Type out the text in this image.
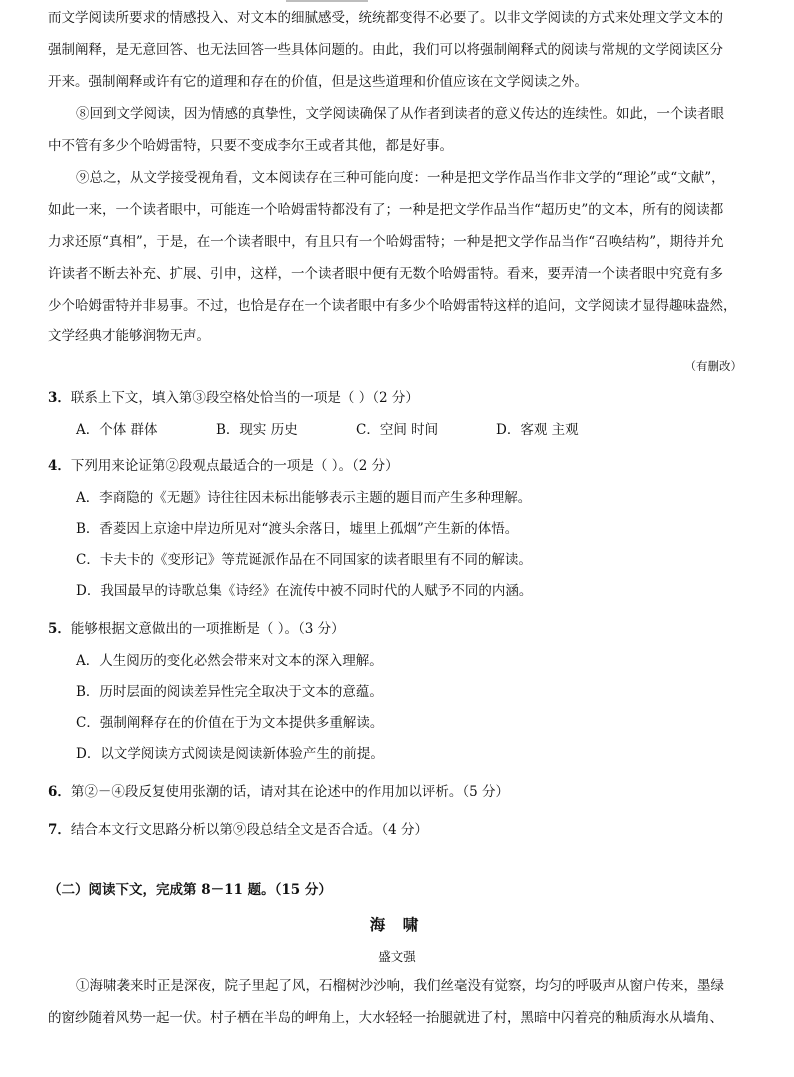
而文学阅读所要求的情感投入、对文本的细腻感受，统统都变得不必要了。以非文学阅读的方式来处理文学文本的
强制阐释，是无意回答、也无法回答一些具体问题的。由此，我们可以将强制阐释式的阅读与常规的文学阅读区分
开来。强制阐释或许有它的道理和存在的价值，但是这些道理和价值应该在文学阅读之外。
⑧回到文学阅读，因为情感的真挚性，文学阅读确保了从作者到读者的意义传达的连续性。如此，一个读者眼
中不管有多少个哈姆雷特，只要不变成李尔王或者其他，都是好事。
⑨总之，从文学接受视角看，文本阅读存在三种可能向度：一种是把文学作品当作非文学的“理论”或“文献”，
如此一来，一个读者眼中，可能连一个哈姆雷特都没有了；一种是把文学作品当作“超历史”的文本，所有的阅读都
力求还原“真相”，于是，在一个读者眼中，有且只有一个哈姆雷特；一种是把文学作品当作“召唤结构”，期待并允
许读者不断去补充、扩展、引申，这样，一个读者眼中便有无数个哈姆雷特。看来，要弄清一个读者眼中究竟有多
少个哈姆雷特并非易事。不过，也恰是存在一个读者眼中有多少个哈姆雷特这样的追问，文学阅读才显得趣味盎然，
文学经典才能够润物无声。
（有删改）
3．联系上下文，填入第③段空格处恰当的一项是（ ）（2 分）
A．个体 群体	B．现实 历史	C．空间 时间	D．客观 主观
4．下列用来论证第②段观点最适合的一项是（ ）。（2 分）
A．李商隐的《无题》诗往往因未标出能够表示主题的题目而产生多种理解。
B．香菱因上京途中岸边所见对“渡头余落日，墟里上孤烟”产生新的体悟。
C．卡夫卡的《变形记》等荒诞派作品在不同国家的读者眼里有不同的解读。
D．我国最早的诗歌总集《诗经》在流传中被不同时代的人赋予不同的内涵。
5．能够根据文意做出的一项推断是（ ）。（3 分）
A．人生阅历的变化必然会带来对文本的深入理解。
B．历时层面的阅读差异性完全取决于文本的意蕴。
C．强制阐释存在的价值在于为文本提供多重解读。
D．以文学阅读方式阅读是阅读新体验产生的前提。
6．第②－④段反复使用张潮的话，请对其在论述中的作用加以评析。（5 分）
7．结合本文行文思路分析以第⑨段总结全文是否合适。（4 分）
（二）阅读下文，完成第 8－11 题。（15 分）
海 啸
盛文强
①海啸袭来时正是深夜，院子里起了风，石榴树沙沙响，我们丝毫没有觉察，均匀的呼吸声从窗户传来，墨绿
的窗纱随着风势一起一伏。村子栖在半岛的岬角上，大水轻轻一抬腿就进了村，黑暗中闪着亮的釉质海水从墙角、
